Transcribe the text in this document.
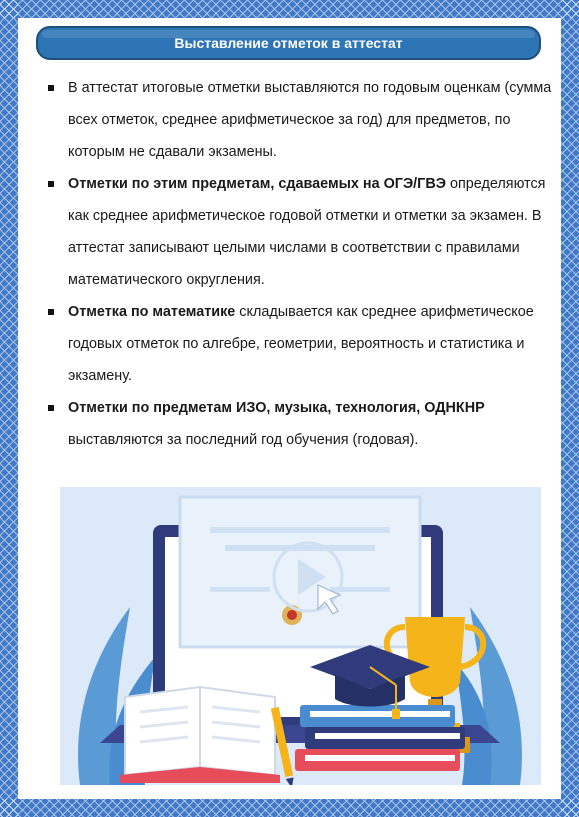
Выставление отметок в аттестат
В аттестат итоговые отметки выставляются по годовым оценкам (сумма всех отметок, среднее арифметическое за год) для предметов, по которым не сдавали экзамены.
Отметки по этим предметам, сдаваемых на ОГЭ/ГВЭ определяются как среднее арифметическое годовой отметки и отметки за экзамен. В аттестат записывают целыми числами в соответствии с правилами математического округления.
Отметка по математике складывается как среднее арифметическое годовых отметок по алгебре, геометрии, вероятность и статистика и экзамену.
Отметки по предметам ИЗО, музыка, технология, ОДНКНР выставляются за последний год обучения (годовая).
